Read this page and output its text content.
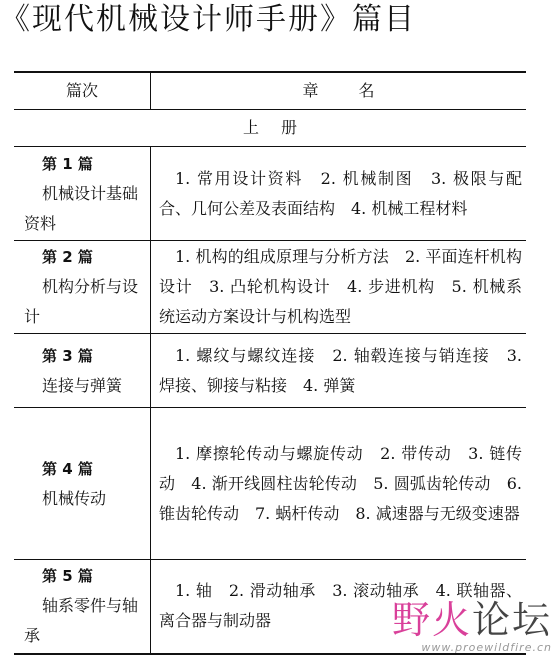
《现代机械设计师手册》篇目
篇次	章名
上册	

第 1 篇
机械设计基础资料	1. 常用设计资料　2. 机械制图　3. 极限与配合、几何公差及表面结构　4. 机械工程材料

第 2 篇
机构分析与设计	1. 机构的组成原理与分析方法　2. 平面连杆机构设计　3. 凸轮机构设计　4. 步进机构　5. 机械系统运动方案设计与机构选型

第 3 篇
连接与弹簧	1. 螺纹与螺纹连接　2. 轴毂连接与销连接　3. 焊接、铆接与粘接　4. 弹簧

第 4 篇
机械传动	1. 摩擦轮传动与螺旋传动　2. 带传动　3. 链传动　4. 渐开线圆柱齿轮传动　5. 圆弧齿轮传动　6. 锥齿轮传动　7. 蜗杆传动　8. 减速器与无级变速器

第 5 篇
轴系零件与轴承	1. 轴　2. 滑动轴承　3. 滚动轴承　4. 联轴器、离合器与制动器	野火论坛
www.proewildfire.cn
